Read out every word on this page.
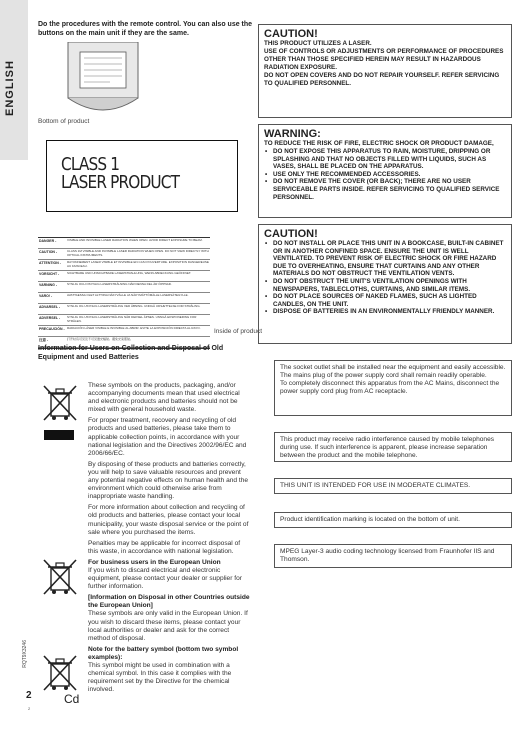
ENGLISH
Do the procedures with the remote control. You can also use the buttons on the main unit if they are the same.
Bottom of product
CLASS 1
LASER PRODUCT
DANGER -	VISIBLE AND INVISIBLE LASER RADIATION WHEN OPEN. AVOID DIRECT EXPOSURE TO BEAM.
CAUTION -	CLASS 1M VISIBLE AND INVISIBLE LASER RADIATION WHEN OPEN. DO NOT VIEW DIRECTLY WITH OPTICAL INSTRUMENTS.
ATTENTION -	RAYONNEMENT LASER VISIBLE ET INVISIBLE EN CAS D'OUVERTURE. EXPOSITION DANGEREUSE AU FAISCEAU.
VORSICHT -	SICHTBARE UND UNSICHTBARE LASERSTRAHLUNG, WENN ABDECKUNG GEÖFFNET.
VARNING -	SYNLIG OCH OSYNLIG LASERSTRÅLNING NÄR DENNA DEL ÄR ÖPPNAD.
VARO! -	AVATTAESSA OLET ALTTIINA NÄKYVÄLLE JA NÄKYMÄTTÖMÄLLE LASERSÄTEILYLLE.
ADVARSEL -	SYNLIG OG USYNLIG LASERSTRÅLING VED ÅBNING. UNDGÅ UDSÆTTELSE FOR STRÅLING.
ADVERSEL -	SYNLIG OG USYNLIG LASERSTRÅLING NÅR DEKSEL ÅPNES. UNNGÅ EKSPONERING FOR STRÅLEN.
PRECAUCIÓN - RADIACIÓN LÁSER VISIBLE E INVISIBLE AL ABRIR. EVITE LA EXPOSICIÓN DIRECTA AL RAYO.
注意 -	打开时有可见及不可见激光辐射。避免光束照射。
Inside of product
CAUTION!
THIS PRODUCT UTILIZES A LASER.
USE OF CONTROLS OR ADJUSTMENTS OR PERFORMANCE OF PROCEDURES OTHER THAN THOSE SPECIFIED HEREIN MAY RESULT IN HAZARDOUS RADIATION EXPOSURE.
DO NOT OPEN COVERS AND DO NOT REPAIR YOURSELF. REFER SERVICING TO QUALIFIED PERSONNEL.
WARNING:
TO REDUCE THE RISK OF FIRE, ELECTRIC SHOCK OR PRODUCT DAMAGE,
• DO NOT EXPOSE THIS APPARATUS TO RAIN, MOISTURE, DRIPPING OR SPLASHING AND THAT NO OBJECTS FILLED WITH LIQUIDS, SUCH AS VASES, SHALL BE PLACED ON THE APPARATUS.
• USE ONLY THE RECOMMENDED ACCESSORIES.
• DO NOT REMOVE THE COVER (OR BACK); THERE ARE NO USER SERVICEABLE PARTS INSIDE. REFER SERVICING TO QUALIFIED SERVICE PERSONNEL.
CAUTION!
• DO NOT INSTALL OR PLACE THIS UNIT IN A BOOKCASE, BUILT-IN CABINET OR IN ANOTHER CONFINED SPACE. ENSURE THE UNIT IS WELL VENTILATED. TO PREVENT RISK OF ELECTRIC SHOCK OR FIRE HAZARD DUE TO OVERHEATING, ENSURE THAT CURTAINS AND ANY OTHER MATERIALS DO NOT OBSTRUCT THE VENTILATION VENTS.
• DO NOT OBSTRUCT THE UNIT'S VENTILATION OPENINGS WITH NEWSPAPERS, TABLECLOTHS, CURTAINS, AND SIMILAR ITEMS.
• DO NOT PLACE SOURCES OF NAKED FLAMES, SUCH AS LIGHTED CANDLES, ON THE UNIT.
• DISPOSE OF BATTERIES IN AN ENVIRONMENTALLY FRIENDLY MANNER.
The socket outlet shall be installed near the equipment and easily accessible.
The mains plug of the power supply cord shall remain readily operable.
To completely disconnect this apparatus from the AC Mains, disconnect the power supply cord plug from AC receptacle.
This product may receive radio interference caused by mobile telephones during use. If such interference is apparent, please increase separation between the product and the mobile telephone.
THIS UNIT IS INTENDED FOR USE IN MODERATE CLIMATES.
Product identification marking is located on the bottom of unit.
MPEG Layer-3 audio coding technology licensed from Fraunhofer IIS and Thomson.
Information for Users on Collection and Disposal of Old Equipment and used Batteries

These symbols on the products, packaging, and/or accompanying documents mean that used electrical and electronic products and batteries should not be mixed with general household waste.

For proper treatment, recovery and recycling of old products and used batteries, please take them to applicable collection points, in accordance with your national legislation and the Directives 2002/96/EC and 2006/66/EC.

By disposing of these products and batteries correctly, you will help to save valuable resources and prevent any potential negative effects on human health and the environment which could otherwise arise from inappropriate waste handling.

For more information about collection and recycling of old products and batteries, please contact your local municipality, your waste disposal service or the point of sale where you purchased the items.

Penalties may be applicable for incorrect disposal of this waste, in accordance with national legislation.

For business users in the European Union
If you wish to discard electrical and electronic equipment, please contact your dealer or supplier for further information.

[Information on Disposal in other Countries outside the European Union]
These symbols are only valid in the European Union. If you wish to discard these items, please contact your local authorities or dealer and ask for the correct method of disposal.

Note for the battery symbol (bottom two symbol examples):
This symbol might be used in combination with a chemical symbol. In this case it complies with the requirement set by the Directive for the chemical involved.

Cd
RQT9X3246
2
2
